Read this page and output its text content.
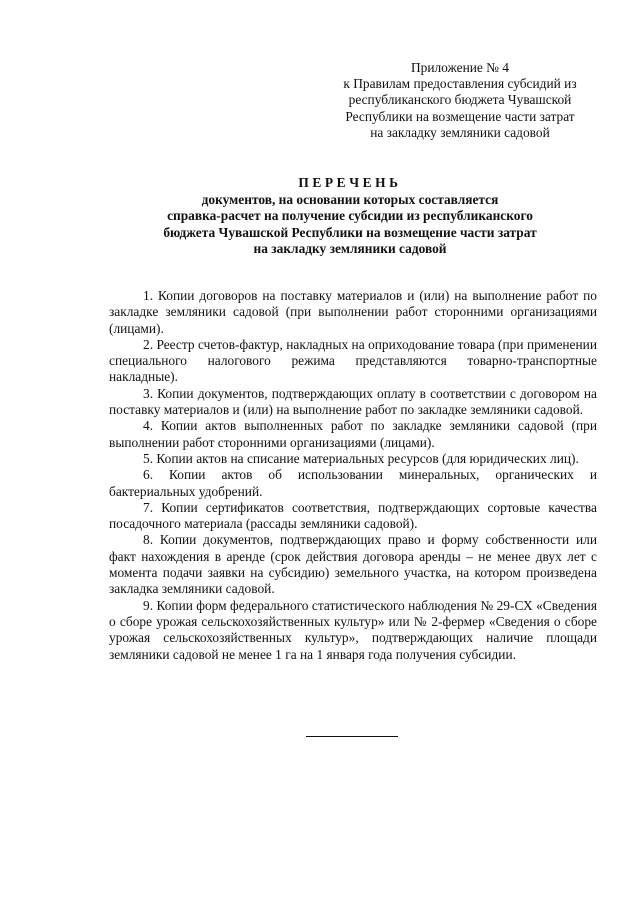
Приложение № 4
к Правилам предоставления субсидий из
республиканского бюджета Чувашской
Республики на возмещение части затрат
на закладку земляники садовой
ПЕРЕЧЕНЬ
документов, на основании которых составляется
справка-расчет на получение субсидии из республиканского
бюджета Чувашской Республики на возмещение части затрат
на закладку земляники садовой

1. Копии договоров на поставку материалов и (или) на выполнение работ по закладке земляники садовой (при выполнении работ сторонними организациями (лицами).

2. Реестр счетов-фактур, накладных на оприходование товара (при применении специального налогового режима представляются товарно-транспортные накладные).

3. Копии документов, подтверждающих оплату в соответствии с договором на поставку материалов и (или) на выполнение работ по закладке земляники садовой.

4. Копии актов выполненных работ по закладке земляники садовой (при выполнении работ сторонними организациями (лицами).

5. Копии актов на списание материальных ресурсов (для юридических лиц).

6. Копии актов об использовании минеральных, органических и бактериальных удобрений.

7. Копии сертификатов соответствия, подтверждающих сортовые качества посадочного материала (рассады земляники садовой).

8. Копии документов, подтверждающих право и форму собственности или факт нахождения в аренде (срок действия договора аренды – не менее двух лет с момента подачи заявки на субсидию) земельного участка, на котором произведена закладка земляники садовой.

9. Копии форм федерального статистического наблюдения № 29-СХ «Сведения о сборе урожая сельскохозяйственных культур» или № 2-фермер «Сведения о сборе урожая сельскохозяйственных культур», подтверждающих наличие площади земляники садовой не менее 1 га на 1 января года получения субсидии.
